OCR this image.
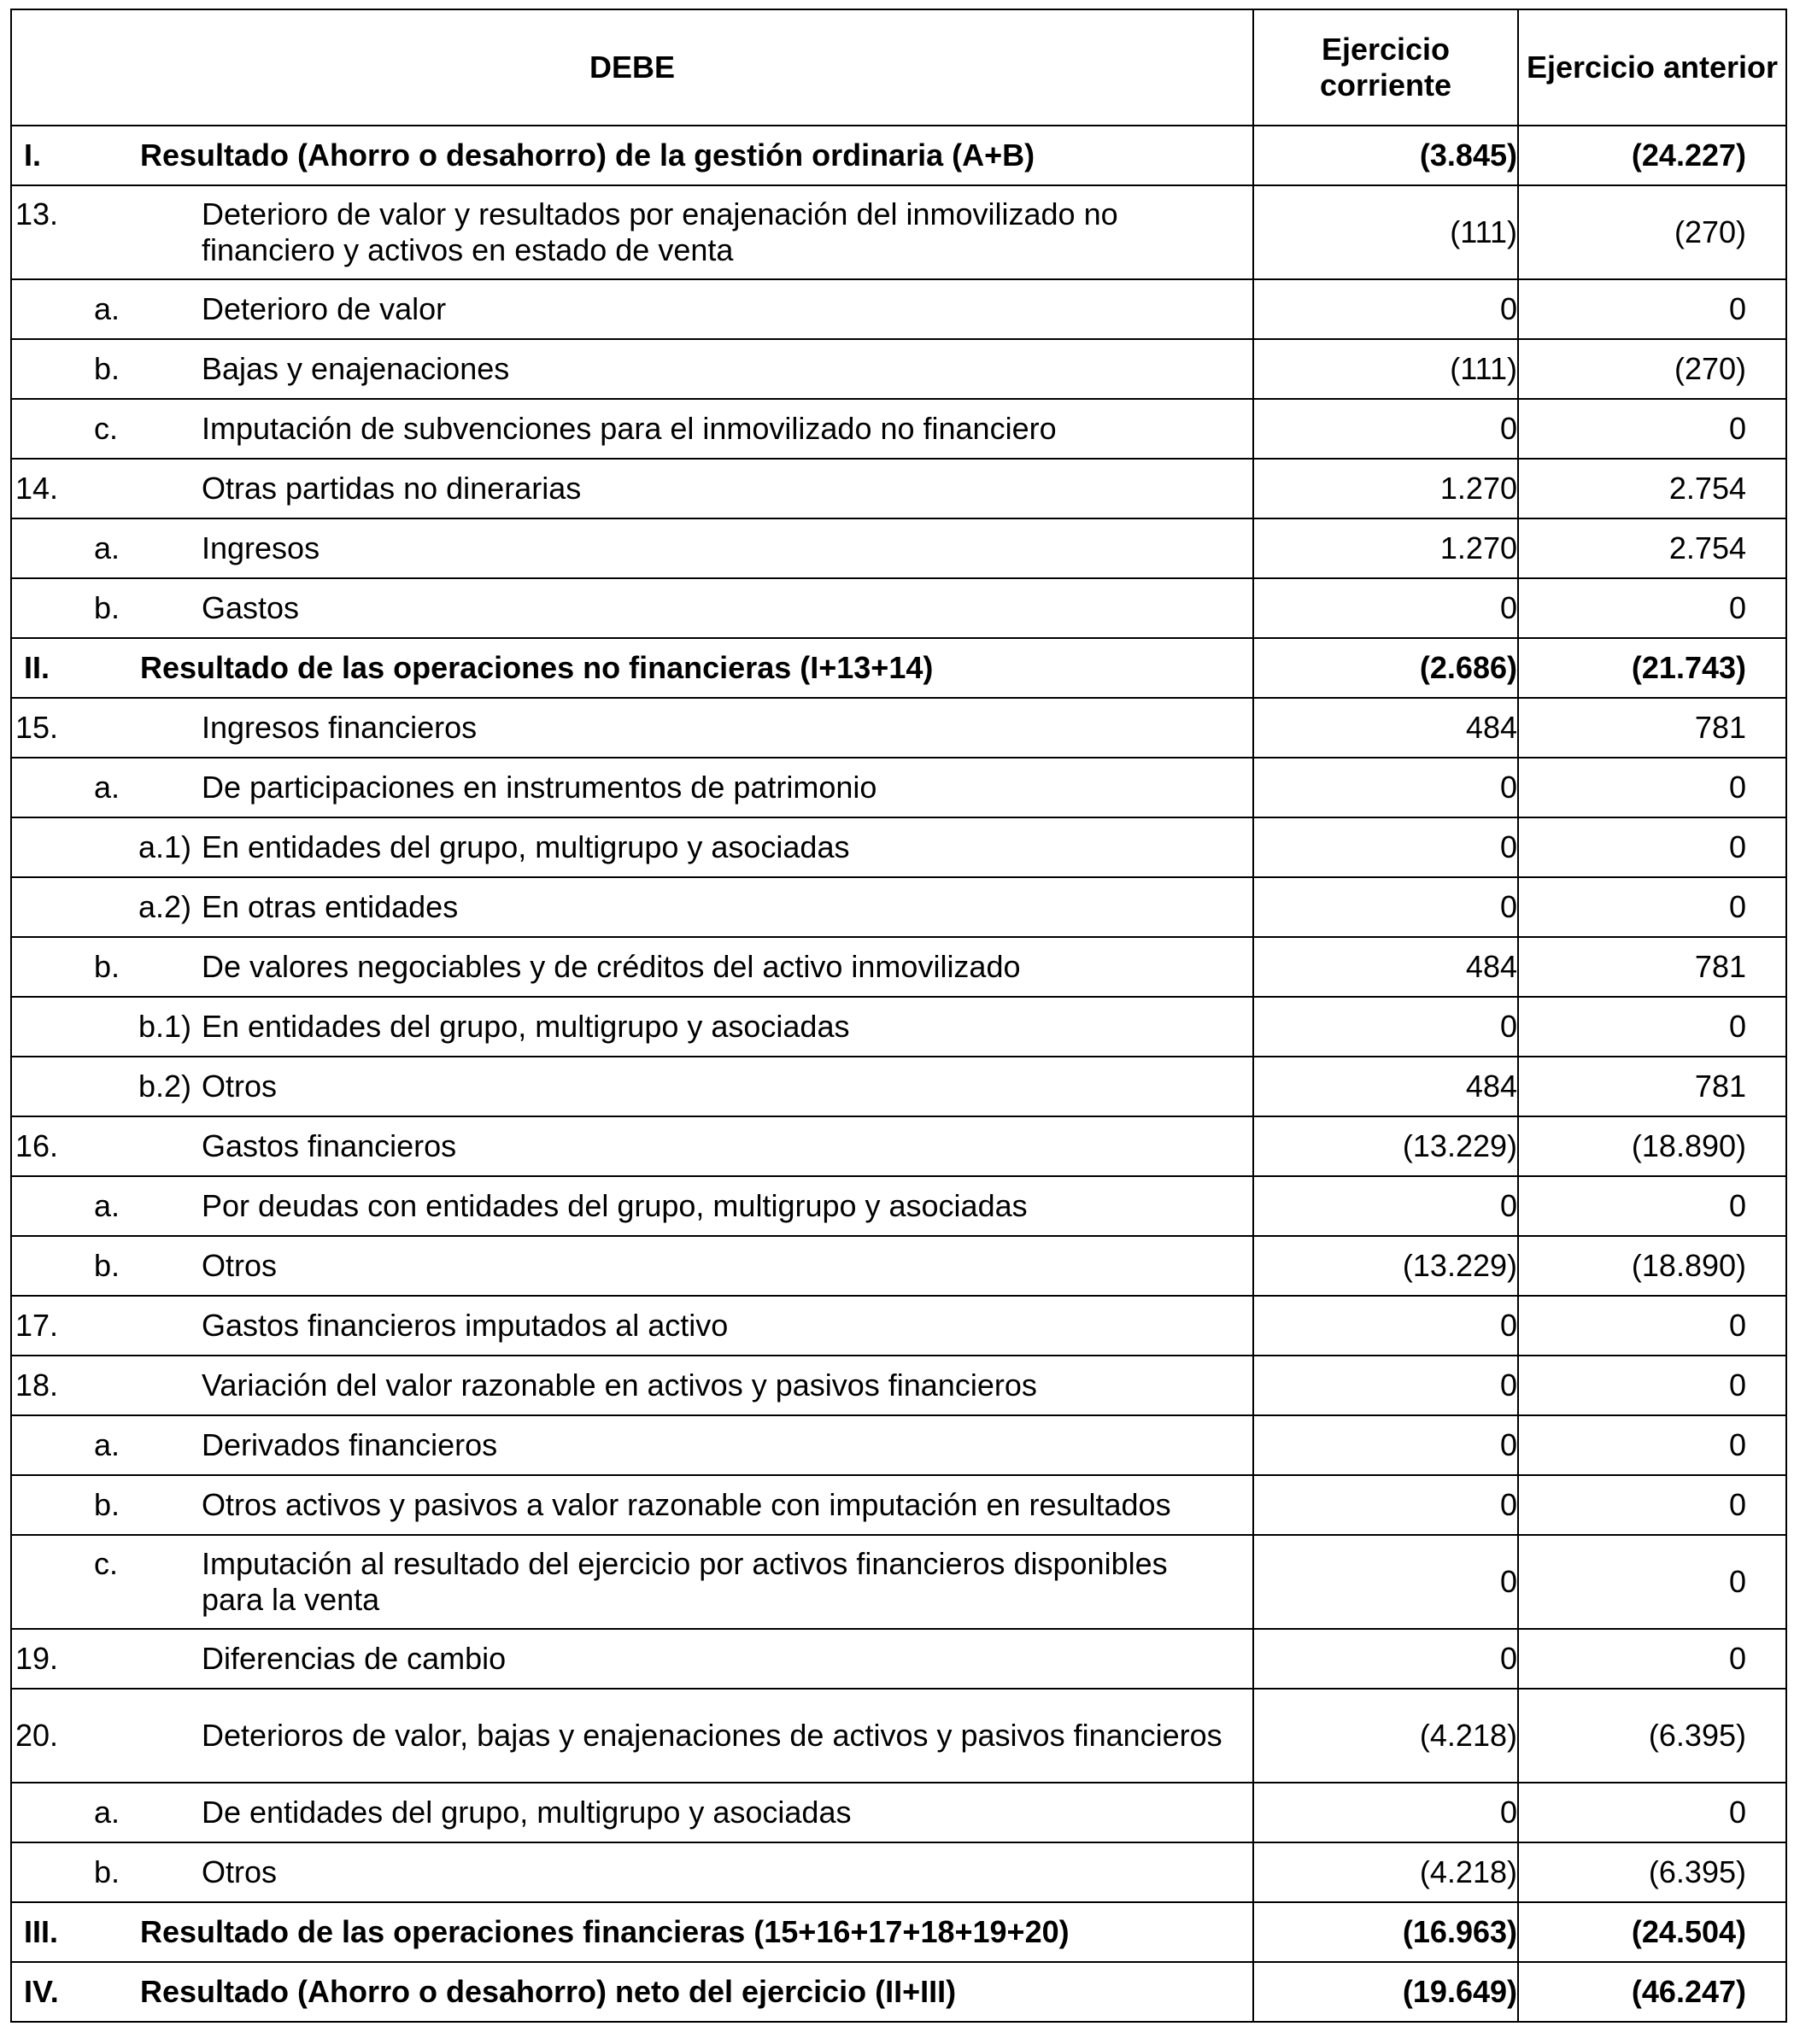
DEBE	Ejercicio corriente	Ejercicio anterior
I. Resultado (Ahorro o desahorro) de la gestión ordinaria (A+B)	(3.845)	(24.227)
13. Deterioro de valor y resultados por enajenación del inmovilizado no financiero y activos en estado de venta	(111)	(270)
a. Deterioro de valor	0	0
b. Bajas y enajenaciones	(111)	(270)
c. Imputación de subvenciones para el inmovilizado no financiero	0	0
14. Otras partidas no dinerarias	1.270	2.754
a. Ingresos	1.270	2.754
b. Gastos	0	0
II. Resultado de las operaciones no financieras (I+13+14)	(2.686)	(21.743)
15. Ingresos financieros	484	781
a. De participaciones en instrumentos de patrimonio	0	0
a.1) En entidades del grupo, multigrupo y asociadas	0	0
a.2) En otras entidades	0	0
b. De valores negociables y de créditos del activo inmovilizado	484	781
b.1) En entidades del grupo, multigrupo y asociadas	0	0
b.2) Otros	484	781
16. Gastos financieros	(13.229)	(18.890)
a. Por deudas con entidades del grupo, multigrupo y asociadas	0	0
b. Otros	(13.229)	(18.890)
17. Gastos financieros imputados al activo	0	0
18. Variación del valor razonable en activos y pasivos financieros	0	0
a. Derivados financieros	0	0
b. Otros activos y pasivos a valor razonable con imputación en resultados	0	0
c. Imputación al resultado del ejercicio por activos financieros disponibles para la venta	0	0
19. Diferencias de cambio	0	0
20. Deterioros de valor, bajas y enajenaciones de activos y pasivos financieros	(4.218)	(6.395)
a. De entidades del grupo, multigrupo y asociadas	0	0
b. Otros	(4.218)	(6.395)
III. Resultado de las operaciones financieras (15+16+17+18+19+20)	(16.963)	(24.504)
IV. Resultado (Ahorro o desahorro) neto del ejercicio (II+III)	(19.649)	(46.247)
